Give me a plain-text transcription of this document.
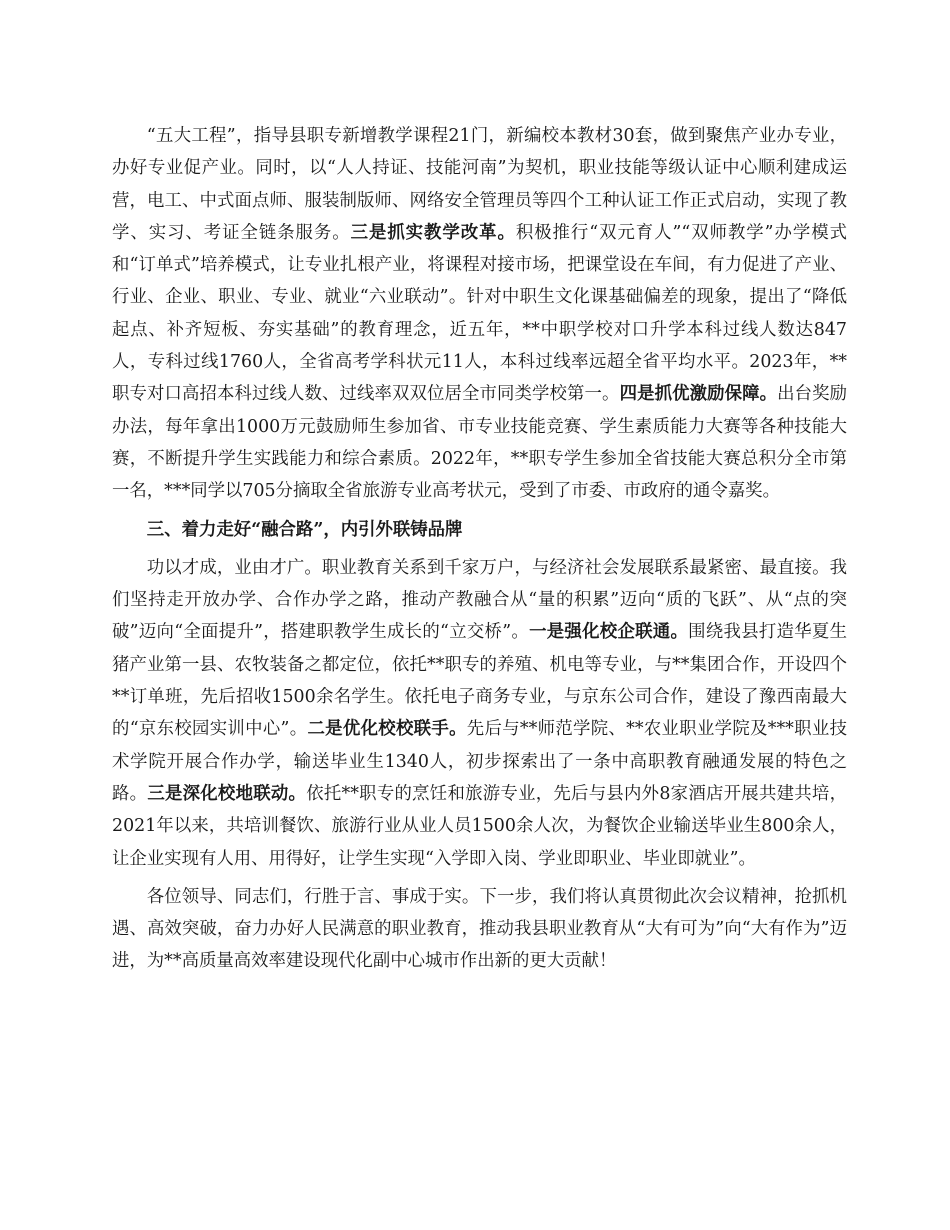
“五大工程”，指导县职专新增教学课程21门，新编校本教材30套，做到聚焦产业办专业，办好专业促产业。同时，以“人人持证、技能河南”为契机，职业技能等级认证中心顺利建成运营，电工、中式面点师、服装制版师、网络安全管理员等四个工种认证工作正式启动，实现了教学、实习、考证全链条服务。三是抓实教学改革。积极推行“双元育人”“双师教学”办学模式和“订单式”培养模式，让专业扎根产业，将课程对接市场，把课堂设在车间，有力促进了产业、行业、企业、职业、专业、就业“六业联动”。针对中职生文化课基础偏差的现象，提出了“降低起点、补齐短板、夯实基础”的教育理念，近五年，**中职学校对口升学本科过线人数达847人，专科过线1760人，全省高考学科状元11人，本科过线率远超全省平均水平。2023年，**职专对口高招本科过线人数、过线率双双位居全市同类学校第一。四是抓优激励保障。出台奖励办法，每年拿出1000万元鼓励师生参加省、市专业技能竞赛、学生素质能力大赛等各种技能大赛，不断提升学生实践能力和综合素质。2022年，**职专学生参加全省技能大赛总积分全市第一名，***同学以705分摘取全省旅游专业高考状元，受到了市委、市政府的通令嘉奖。

三、着力走好“融合路”，内引外联铸品牌

功以才成，业由才广。职业教育关系到千家万户，与经济社会发展联系最紧密、最直接。我们坚持走开放办学、合作办学之路，推动产教融合从“量的积累”迈向“质的飞跃”、从“点的突破”迈向“全面提升”，搭建职教学生成长的“立交桥”。一是强化校企联通。围绕我县打造华夏生猪产业第一县、农牧装备之都定位，依托**职专的养殖、机电等专业，与**集团合作，开设四个**订单班，先后招收1500余名学生。依托电子商务专业，与京东公司合作，建设了豫西南最大的“京东校园实训中心”。二是优化校校联手。先后与**师范学院、**农业职业学院及***职业技术学院开展合作办学，输送毕业生1340人，初步探索出了一条中高职教育融通发展的特色之路。三是深化校地联动。依托**职专的烹饪和旅游专业，先后与县内外8家酒店开展共建共培，2021年以来，共培训餐饮、旅游行业从业人员1500余人次，为餐饮企业输送毕业生800余人，让企业实现有人用、用得好，让学生实现“入学即入岗、学业即职业、毕业即就业”。

各位领导、同志们，行胜于言、事成于实。下一步，我们将认真贯彻此次会议精神，抢抓机遇、高效突破，奋力办好人民满意的职业教育，推动我县职业教育从“大有可为”向“大有作为”迈进，为**高质量高效率建设现代化副中心城市作出新的更大贡献！
